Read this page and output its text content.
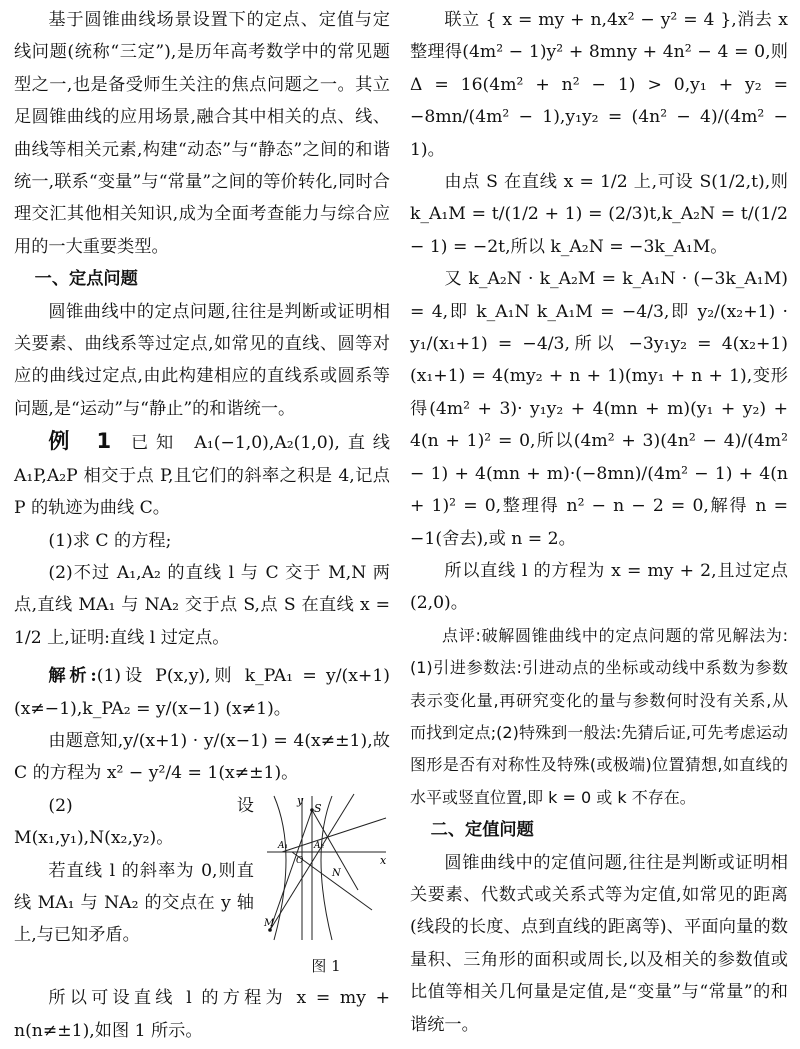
基于圆锥曲线场景设置下的定点、定值与定线问题(统称“三定”),是历年高考数学中的常见题型之一,也是备受师生关注的焦点问题之一。其立足圆锥曲线的应用场景,融合其中相关的点、线、曲线等相关元素,构建“动态”与“静态”之间的和谐统一,联系“变量”与“常量”之间的等价转化,同时合理交汇其他相关知识,成为全面考查能力与综合应用的一大重要类型。

一、定点问题

圆锥曲线中的定点问题,往往是判断或证明相关要素、曲线系等过定点,如常见的直线、圆等对应的曲线过定点,由此构建相应的直线系或圆系等问题,是“运动”与“静止”的和谐统一。

例 1 已知 A₁(−1,0),A₂(1,0),直线 A₁P,A₂P 相交于点 P,且它们的斜率之积是 4,记点 P 的轨迹为曲线 C。

(1)求 C 的方程;

(2)不过 A₁,A₂ 的直线 l 与 C 交于 M,N 两点,直线 MA₁ 与 NA₂ 交于点 S,点 S 在直线 x = 1/2 上,证明:直线 l 过定点。

解析:(1)设 P(x,y),则 k_PA₁ = y/(x+1) (x≠−1),k_PA₂ = y/(x−1) (x≠1)。

由题意知,y/(x+1) · y/(x−1) = 4(x≠±1),故 C 的方程为 x² − y²/4 = 1(x≠±1)。

(2)设 M(x₁,y₁),N(x₂,y₂)。

若直线 l 的斜率为 0,则直线 MA₁ 与 NA₂ 的交点在 y 轴上,与已知矛盾。

y
x
S
A₁
O
A₂
N
M
图 1

所以可设直线 l 的方程为 x = my + n(n≠±1),如图 1 所示。

联立 { x = my + n,4x² − y² = 4 },消去 x 整理得(4m² − 1)y² + 8mny + 4n² − 4 = 0,则 Δ = 16(4m² + n² − 1) > 0,y₁ + y₂ = −8mn/(4m² − 1),y₁y₂ = (4n² − 4)/(4m² − 1)。

由点 S 在直线 x = 1/2 上,可设 S(1/2,t),则 k_A₁M = t/(1/2 + 1) = (2/3)t,k_A₂N = t/(1/2 − 1) = −2t,所以 k_A₂N = −3k_A₁M。

又 k_A₂N · k_A₂M = k_A₁N · (−3k_A₁M) = 4,即 k_A₁N k_A₁M = −4/3,即 y₂/(x₂+1) · y₁/(x₁+1) = −4/3,所以 −3y₁y₂ = 4(x₂+1)(x₁+1) = 4(my₂ + n + 1)(my₁ + n + 1),变形得(4m² + 3)· y₁y₂ + 4(mn + m)(y₁ + y₂) + 4(n + 1)² = 0,所以(4m² + 3)(4n² − 4)/(4m² − 1) + 4(mn + m)·(−8mn)/(4m² − 1) + 4(n + 1)² = 0,整理得 n² − n − 2 = 0,解得 n = −1(舍去),或 n = 2。

所以直线 l 的方程为 x = my + 2,且过定点(2,0)。

点评:破解圆锥曲线中的定点问题的常见解法为:(1)引进参数法:引进动点的坐标或动线中系数为参数表示变化量,再研究变化的量与参数何时没有关系,从而找到定点;(2)特殊到一般法:先猜后证,可先考虑运动图形是否有对称性及特殊(或极端)位置猜想,如直线的水平或竖直位置,即 k = 0 或 k 不存在。

二、定值问题

圆锥曲线中的定值问题,往往是判断或证明相关要素、代数式或关系式等为定值,如常见的距离(线段的长度、点到直线的距离等)、平面向量的数量积、三角形的面积或周长,以及相关的参数值或比值等相关几何量是定值,是“变量”与“常量”的和谐统一。
